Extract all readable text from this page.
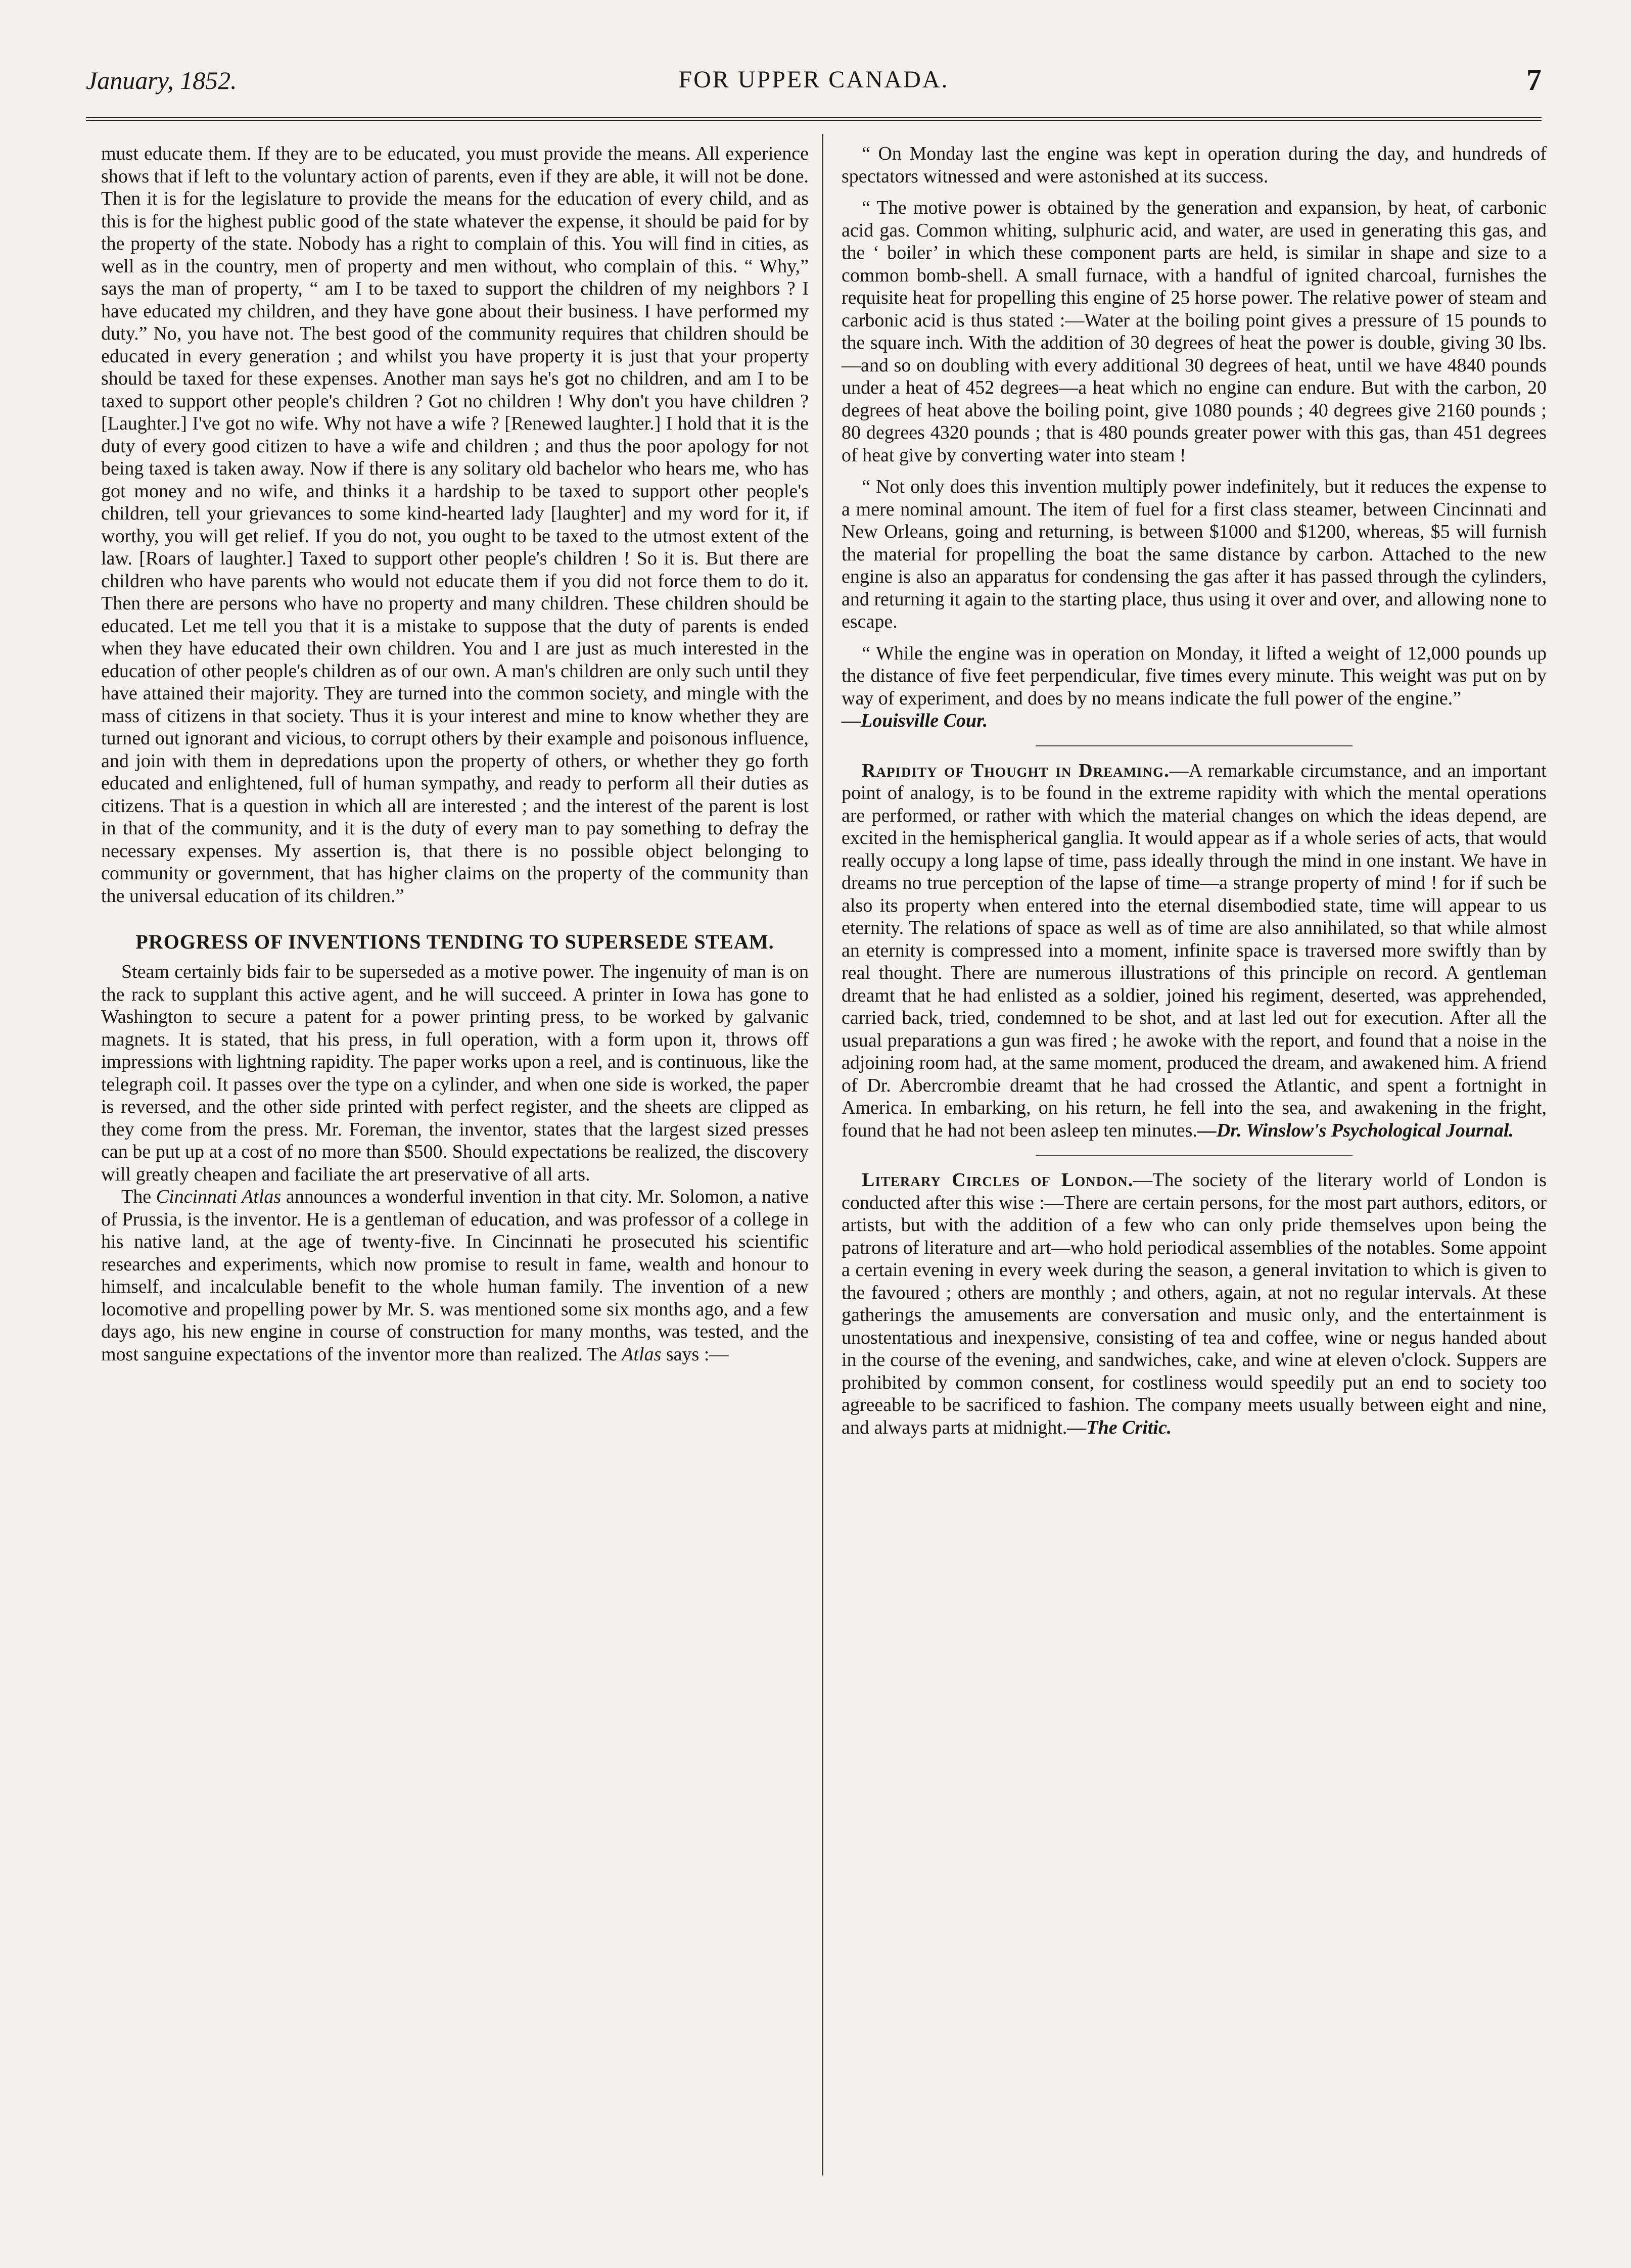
January, 1852.	FOR UPPER CANADA.	7

must educate them. If they are to be educated, you must provide the means. All experience shows that if left to the voluntary action of parents, even if they are able, it will not be done. Then it is for the legislature to provide the means for the education of every child, and as this is for the highest public good of the state whatever the expense, it should be paid for by the property of the state. Nobody has a right to complain of this. You will find in cities, as well as in the country, men of property and men without, who complain of this. “ Why,” says the man of property, “ am I to be taxed to support the children of my neighbors ? I have educated my children, and they have gone about their business. I have performed my duty.” No, you have not. The best good of the community requires that children should be educated in every generation ; and whilst you have property it is just that your property should be taxed for these expenses. Another man says he's got no children, and am I to be taxed to support other people's children ? Got no children ! Why don't you have children ? [Laughter.] I've got no wife. Why not have a wife ? [Renewed laughter.] I hold that it is the duty of every good citizen to have a wife and children ; and thus the poor apology for not being taxed is taken away. Now if there is any solitary old bachelor who hears me, who has got money and no wife, and thinks it a hardship to be taxed to support other people's children, tell your grievances to some kind-hearted lady [laughter] and my word for it, if worthy, you will get relief. If you do not, you ought to be taxed to the utmost extent of the law. [Roars of laughter.] Taxed to support other people's children ! So it is. But there are children who have parents who would not educate them if you did not force them to do it. Then there are persons who have no property and many children. These children should be educated. Let me tell you that it is a mistake to suppose that the duty of parents is ended when they have educated their own children. You and I are just as much interested in the education of other people's children as of our own. A man's children are only such until they have attained their majority. They are turned into the common society, and mingle with the mass of citizens in that society. Thus it is your interest and mine to know whether they are turned out ignorant and vicious, to corrupt others by their example and poisonous influence, and join with them in depredations upon the property of others, or whether they go forth educated and enlightened, full of human sympathy, and ready to perform all their duties as citizens. That is a question in which all are interested ; and the interest of the parent is lost in that of the community, and it is the duty of every man to pay something to defray the necessary expenses. My assertion is, that there is no possible object belonging to community or government, that has higher claims on the property of the community than the universal education of its children.”

PROGRESS OF INVENTIONS TENDING TO SUPERSEDE STEAM.

Steam certainly bids fair to be superseded as a motive power. The ingenuity of man is on the rack to supplant this active agent, and he will succeed. A printer in Iowa has gone to Washington to secure a patent for a power printing press, to be worked by galvanic magnets. It is stated, that his press, in full operation, with a form upon it, throws off impressions with lightning rapidity. The paper works upon a reel, and is continuous, like the telegraph coil. It passes over the type on a cylinder, and when one side is worked, the paper is reversed, and the other side printed with perfect register, and the sheets are clipped as they come from the press. Mr. Foreman, the inventor, states that the largest sized presses can be put up at a cost of no more than $500. Should expectations be realized, the discovery will greatly cheapen and faciliate the art preservative of all arts.

The Cincinnati Atlas announces a wonderful invention in that city. Mr. Solomon, a native of Prussia, is the inventor. He is a gentleman of education, and was professor of a college in his native land, at the age of twenty-five. In Cincinnati he prosecuted his scientific researches and experiments, which now promise to result in fame, wealth and honour to himself, and incalculable benefit to the whole human family. The invention of a new locomotive and propelling power by Mr. S. was mentioned some six months ago, and a few days ago, his new engine in course of construction for many months, was tested, and the most sanguine expectations of the inventor more than realized. The Atlas says :—

“ On Monday last the engine was kept in operation during the day, and hundreds of spectators witnessed and were astonished at its success.

“ The motive power is obtained by the generation and expansion, by heat, of carbonic acid gas. Common whiting, sulphuric acid, and water, are used in generating this gas, and the ‘ boiler’ in which these component parts are held, is similar in shape and size to a common bomb-shell. A small furnace, with a handful of ignited charcoal, furnishes the requisite heat for propelling this engine of 25 horse power. The relative power of steam and carbonic acid is thus stated :—Water at the boiling point gives a pressure of 15 pounds to the square inch. With the addition of 30 degrees of heat the power is double, giving 30 lbs.—and so on doubling with every additional 30 degrees of heat, until we have 4840 pounds under a heat of 452 degrees—a heat which no engine can endure. But with the carbon, 20 degrees of heat above the boiling point, give 1080 pounds ; 40 degrees give 2160 pounds ; 80 degrees 4320 pounds ; that is 480 pounds greater power with this gas, than 451 degrees of heat give by converting water into steam !

“ Not only does this invention multiply power indefinitely, but it reduces the expense to a mere nominal amount. The item of fuel for a first class steamer, between Cincinnati and New Orleans, going and returning, is between $1000 and $1200, whereas, $5 will furnish the material for propelling the boat the same distance by carbon. Attached to the new engine is also an apparatus for condensing the gas after it has passed through the cylinders, and returning it again to the starting place, thus using it over and over, and allowing none to escape.

“ While the engine was in operation on Monday, it lifted a weight of 12,000 pounds up the distance of five feet perpendicular, five times every minute. This weight was put on by way of experiment, and does by no means indicate the full power of the engine.”

—Louisville Cour.

Rapidity of Thought in Dreaming.—A remarkable circumstance, and an important point of analogy, is to be found in the extreme rapidity with which the mental operations are performed, or rather with which the material changes on which the ideas depend, are excited in the hemispherical ganglia. It would appear as if a whole series of acts, that would really occupy a long lapse of time, pass ideally through the mind in one instant. We have in dreams no true perception of the lapse of time—a strange property of mind ! for if such be also its property when entered into the eternal disembodied state, time will appear to us eternity. The relations of space as well as of time are also annihilated, so that while almost an eternity is compressed into a moment, infinite space is traversed more swiftly than by real thought. There are numerous illustrations of this principle on record. A gentleman dreamt that he had enlisted as a soldier, joined his regiment, deserted, was apprehended, carried back, tried, condemned to be shot, and at last led out for execution. After all the usual preparations a gun was fired ; he awoke with the report, and found that a noise in the adjoining room had, at the same moment, produced the dream, and awakened him. A friend of Dr. Abercrombie dreamt that he had crossed the Atlantic, and spent a fortnight in America. In embarking, on his return, he fell into the sea, and awakening in the fright, found that he had not been asleep ten minutes.—Dr. Winslow's Psychological Journal.

Literary Circles of London.—The society of the literary world of London is conducted after this wise :—There are certain persons, for the most part authors, editors, or artists, but with the addition of a few who can only pride themselves upon being the patrons of literature and art—who hold periodical assemblies of the notables. Some appoint a certain evening in every week during the season, a general invitation to which is given to the favoured ; others are monthly ; and others, again, at not no regular intervals. At these gatherings the amusements are conversation and music only, and the entertainment is unostentatious and inexpensive, consisting of tea and coffee, wine or negus handed about in the course of the evening, and sandwiches, cake, and wine at eleven o'clock. Suppers are prohibited by common consent, for costliness would speedily put an end to society too agreeable to be sacrificed to fashion. The company meets usually between eight and nine, and always parts at midnight.—The Critic.
